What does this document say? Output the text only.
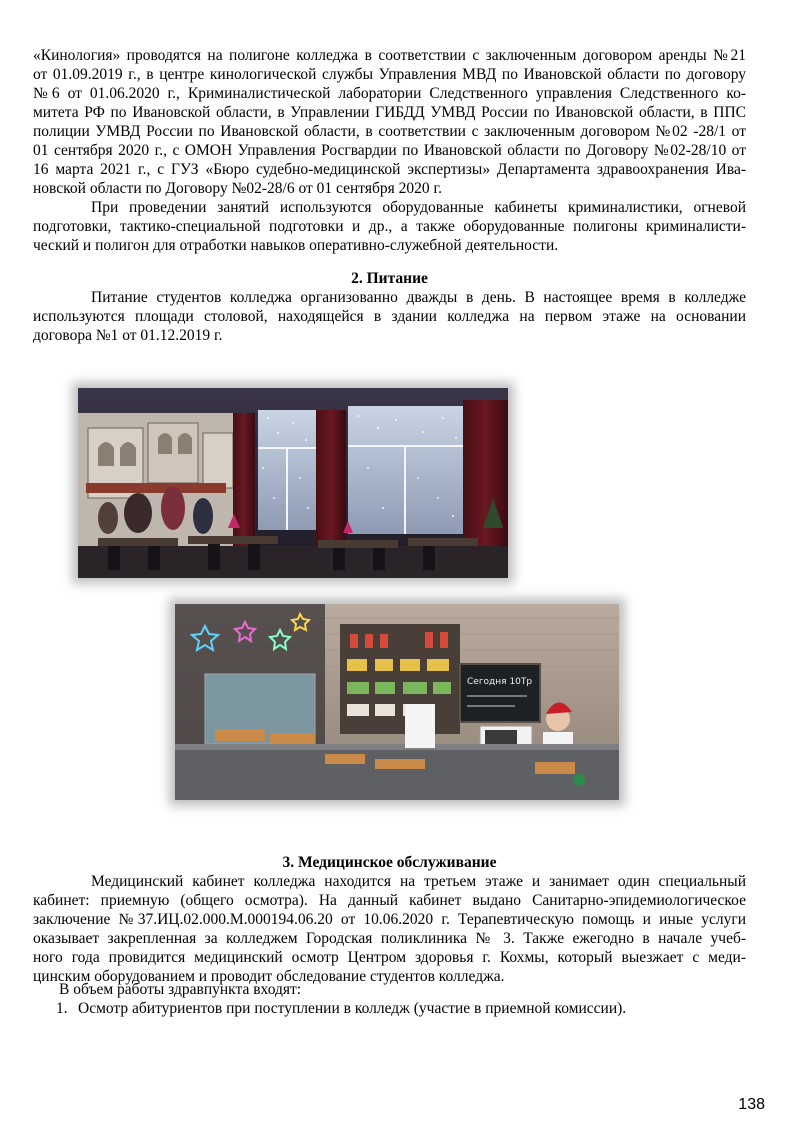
«Кинология» проводятся на полигоне колледжа в соответствии с заключенным договором аренды №21
от 01.09.2019 г., в центре кинологической службы Управления МВД по Ивановской области по договору
№6 от 01.06.2020 г., Криминалистической лаборатории Следственного управления Следственного ко-
митета РФ по Ивановской области, в Управлении ГИБДД УМВД России по Ивановской области, в ППС
полиции УМВД России по Ивановской области, в соответствии с заключенным договором №02 -28/1 от
01 сентября 2020 г., с ОМОН Управления Росгвардии по Ивановской области по Договору №02-28/10 от
16 марта 2021 г., с ГУЗ «Бюро судебно-медицинской экспертизы» Департамента здравоохранения Ива-
новской области по Договору №02-28/6 от 01 сентября 2020 г.
При проведении занятий используются оборудованные кабинеты криминалистики, огневой
подготовки, тактико-специальной подготовки и др., а также оборудованные полигоны криминалисти-
ческий и полигон для отработки навыков оперативно-служебной деятельности.
2. Питание
Питание студентов колледжа организованно дважды в день. В настоящее время в колледже
используются площади столовой, находящейся в здании колледжа на первом этаже на основании
договора №1 от 01.12.2019 г.
Сегодня 10Тр
3. Медицинское обслуживание
Медицинский кабинет колледжа находится на третьем этаже и занимает один специальный
кабинет: приемную (общего осмотра). На данный кабинет выдано Санитарно-эпидемиологическое
заключение №37.ИЦ.02.000.М.000194.06.20 от 10.06.2020 г. Терапевтическую помощь и иные услуги
оказывает закрепленная за колледжем Городская поликлиника № 3. Также ежегодно в начале учеб-
ного года провидится медицинский осмотр Центром здоровья г. Кохмы, который выезжает с меди-
цинским оборудованием и проводит обследование студентов колледжа.
В объем работы здравпункта входят:
1. Осмотр абитуриентов при поступлении в колледж (участие в приемной комиссии).
138
